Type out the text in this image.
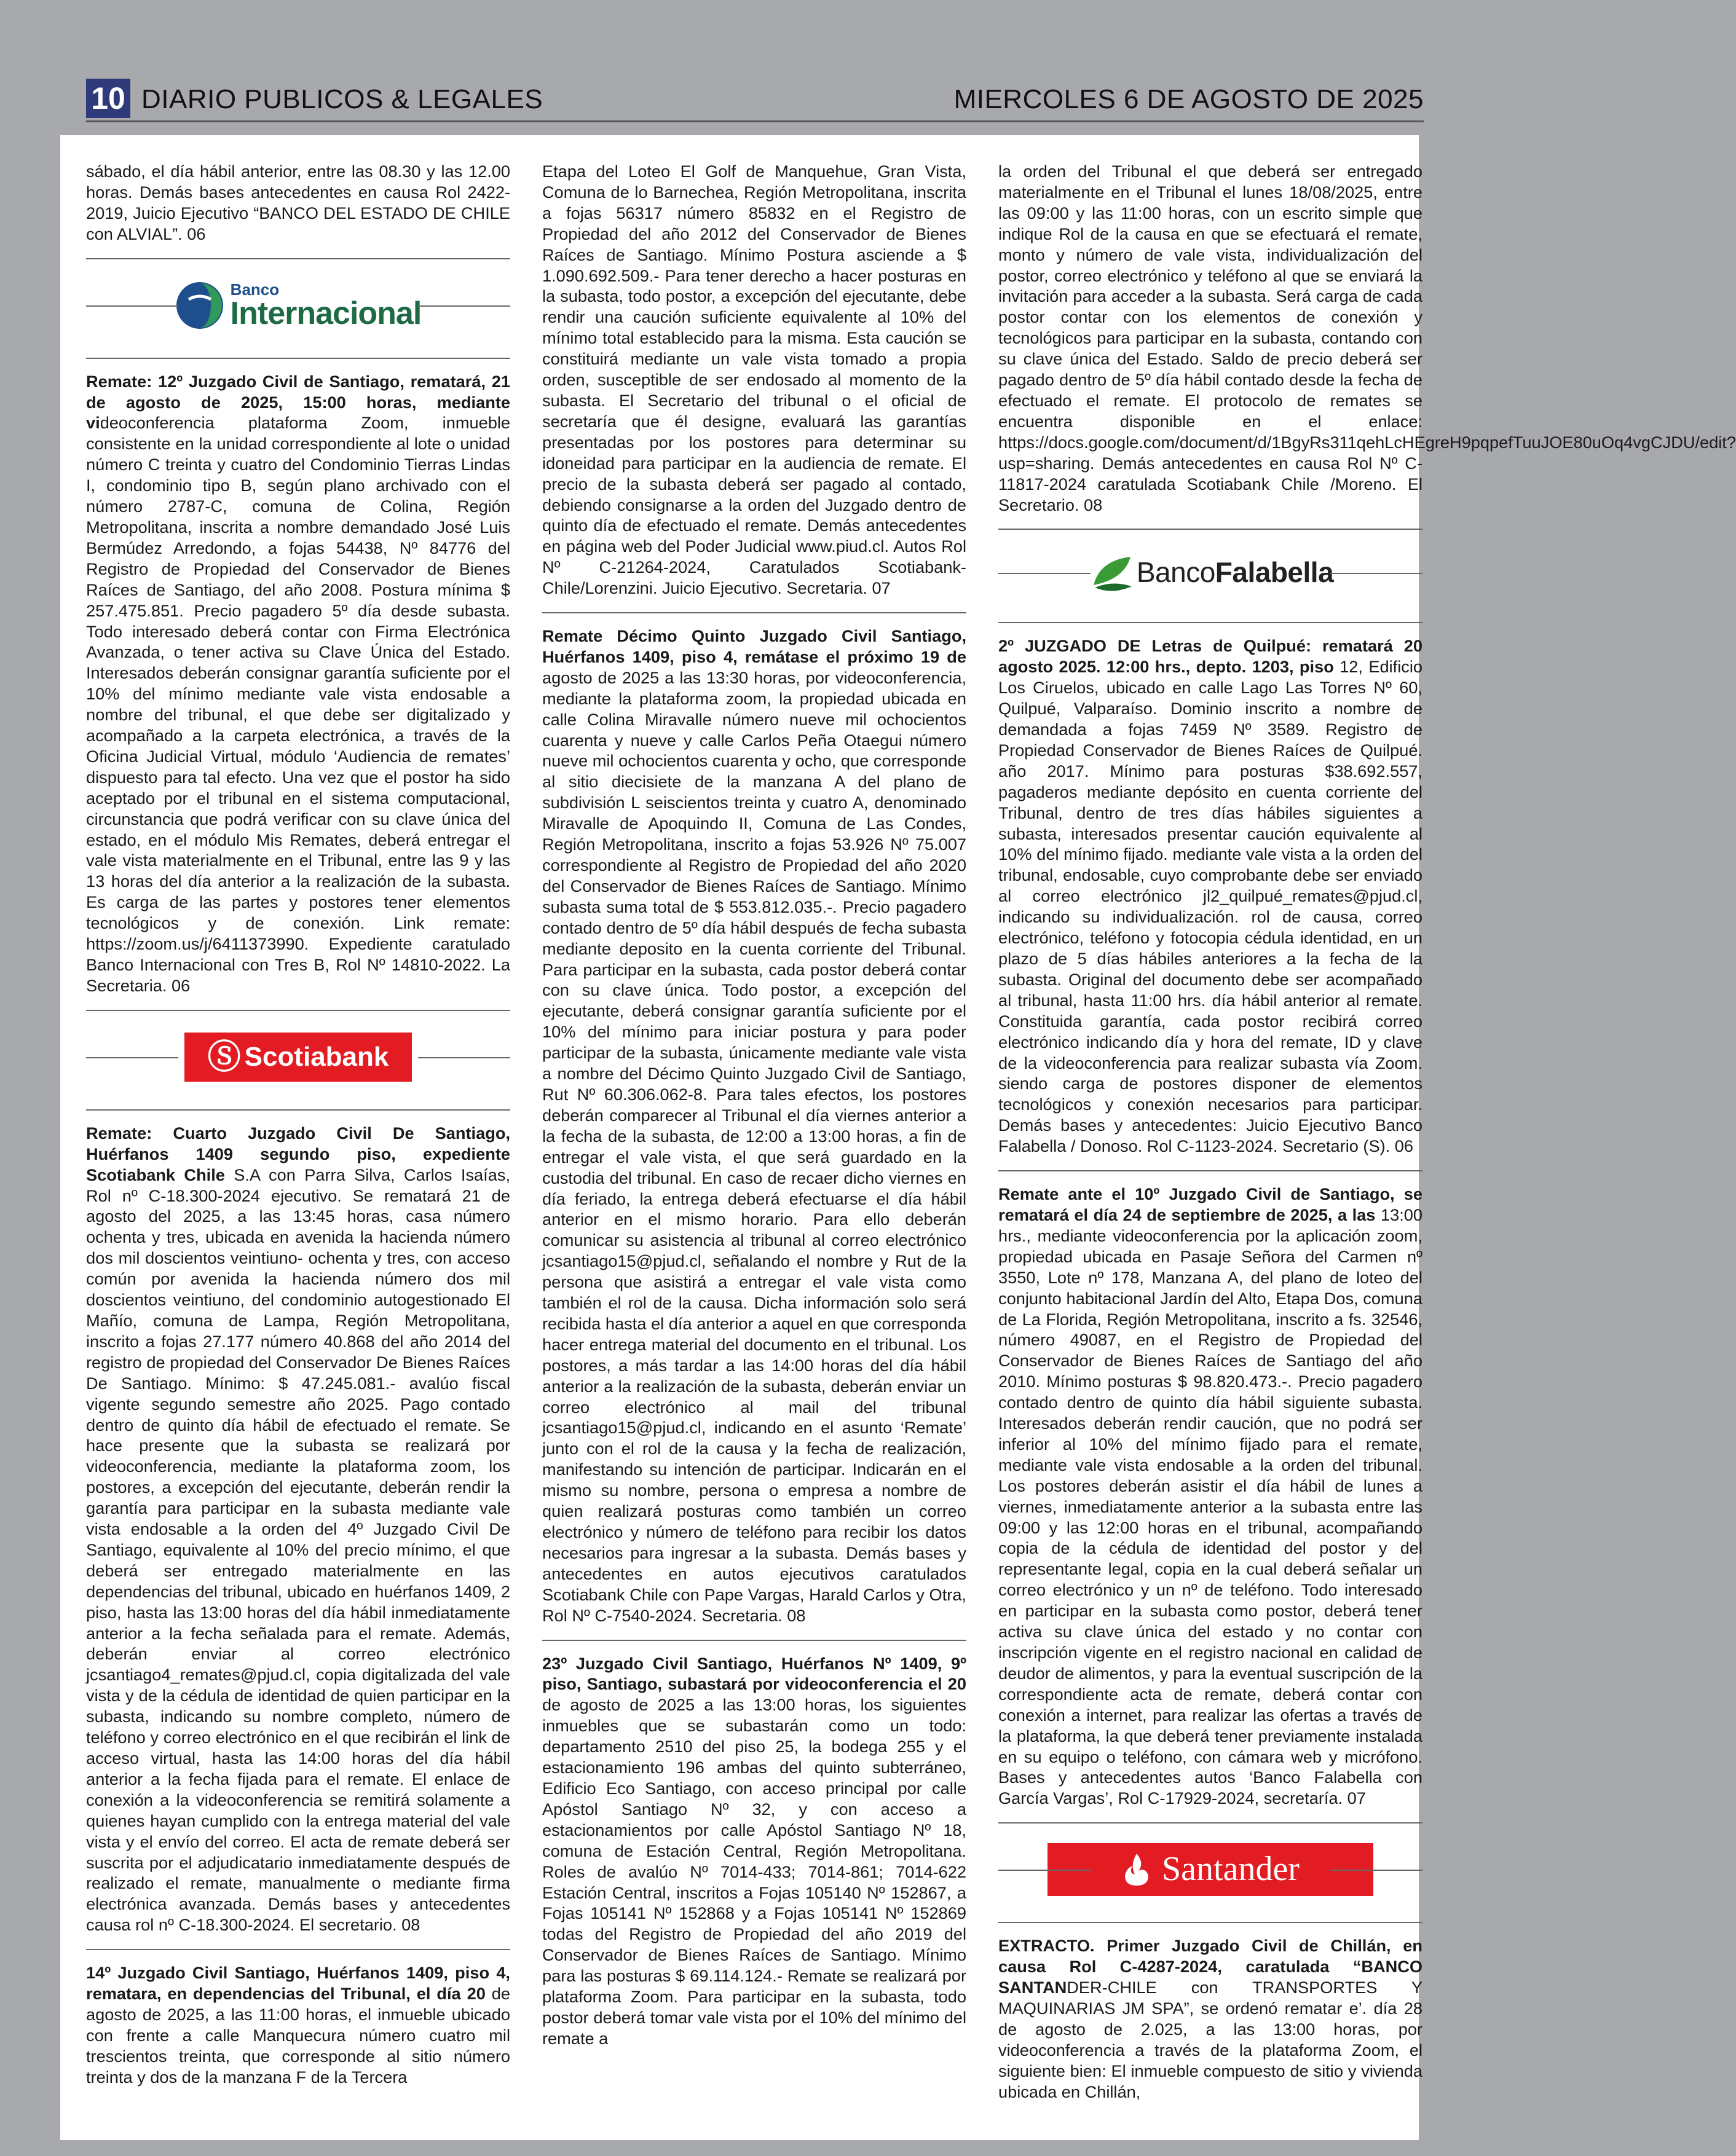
10 DIARIO PUBLICOS & LEGALES	MIERCOLES 6 DE AGOSTO DE 2025

sábado, el día hábil anterior, entre las 08.30 y las 12.00 horas. Demás bases antecedentes en causa Rol 2422-2019, Juicio Ejecutivo “BANCO DEL ESTADO DE CHILE con ALVIAL”. 06

Banco
Internacional

Remate: 12º Juzgado Civil de Santiago, rematará, 21 de agosto de 2025, 15:00 horas, mediante videoconferencia plataforma Zoom, inmueble consistente en la unidad correspondiente al lote o unidad número C treinta y cuatro del Condominio Tierras Lindas I, condominio tipo B, según plano archivado con el número 2787-C, comuna de Colina, Región Metropolitana, inscrita a nombre demandado José Luis Bermúdez Arredondo, a fojas 54438, Nº 84776 del Registro de Propiedad del Conservador de Bienes Raíces de Santiago, del año 2008. Postura mínima $ 257.475.851. Precio pagadero 5º día desde subasta. Todo interesado deberá contar con Firma Electrónica Avanzada, o tener activa su Clave Única del Estado. Interesados deberán consignar garantía suficiente por el 10% del mínimo mediante vale vista endosable a nombre del tribunal, el que debe ser digitalizado y acompañado a la carpeta electrónica, a través de la Oficina Judicial Virtual, módulo ‘Audiencia de remates’ dispuesto para tal efecto. Una vez que el postor ha sido aceptado por el tribunal en el sistema computacional, circunstancia que podrá verificar con su clave única del estado, en el módulo Mis Remates, deberá entregar el vale vista materialmente en el Tribunal, entre las 9 y las 13 horas del día anterior a la realización de la subasta. Es carga de las partes y postores tener elementos tecnológicos y de conexión. Link remate: https://zoom.us/j/6411373990. Expediente caratulado Banco Internacional con Tres B, Rol Nº 14810-2022. La Secretaria. 06

Ⓢ Scotiabank

Remate: Cuarto Juzgado Civil De Santiago, Huérfanos 1409 segundo piso, expediente Scotiabank Chile S.A con Parra Silva, Carlos Isaías, Rol nº C-18.300-2024 ejecutivo. Se rematará 21 de agosto del 2025, a las 13:45 horas, casa número ochenta y tres, ubicada en avenida la hacienda número dos mil doscientos veintiuno- ochenta y tres, con acceso común por avenida la hacienda número dos mil doscientos veintiuno, del condominio autogestionado El Mañío, comuna de Lampa, Región Metropolitana, inscrito a fojas 27.177 número 40.868 del año 2014 del registro de propiedad del Conservador De Bienes Raíces De Santiago. Mínimo: $ 47.245.081.- avalúo fiscal vigente segundo semestre año 2025. Pago contado dentro de quinto día hábil de efectuado el remate. Se hace presente que la subasta se realizará por videoconferencia, mediante la plataforma zoom, los postores, a excepción del ejecutante, deberán rendir la garantía para participar en la subasta mediante vale vista endosable a la orden del 4º Juzgado Civil De Santiago, equivalente al 10% del precio mínimo, el que deberá ser entregado materialmente en las dependencias del tribunal, ubicado en huérfanos 1409, 2 piso, hasta las 13:00 horas del día hábil inmediatamente anterior a la fecha señalada para el remate. Además, deberán enviar al correo electrónico jcsantiago4_remates@pjud.cl, copia digitalizada del vale vista y de la cédula de identidad de quien participar en la subasta, indicando su nombre completo, número de teléfono y correo electrónico en el que recibirán el link de acceso virtual, hasta las 14:00 horas del día hábil anterior a la fecha fijada para el remate. El enlace de conexión a la videoconferencia se remitirá solamente a quienes hayan cumplido con la entrega material del vale vista y el envío del correo. El acta de remate deberá ser suscrita por el adjudicatario inmediatamente después de realizado el remate, manualmente o mediante firma electrónica avanzada. Demás bases y antecedentes causa rol nº C-18.300-2024. El secretario. 08

14º Juzgado Civil Santiago, Huérfanos 1409, piso 4, rematara, en dependencias del Tribunal, el día 20 de agosto de 2025, a las 11:00 horas, el inmueble ubicado con frente a calle Manquecura número cuatro mil trescientos treinta, que corresponde al sitio número treinta y dos de la manzana F de la Tercera

Etapa del Loteo El Golf de Manquehue, Gran Vista, Comuna de lo Barnechea, Región Metropolitana, inscrita a fojas 56317 número 85832 en el Registro de Propiedad del año 2012 del Conservador de Bienes Raíces de Santiago. Mínimo Postura asciende a $ 1.090.692.509.- Para tener derecho a hacer posturas en la subasta, todo postor, a excepción del ejecutante, debe rendir una caución suficiente equivalente al 10% del mínimo total establecido para la misma. Esta caución se constituirá mediante un vale vista tomado a propia orden, susceptible de ser endosado al momento de la subasta. El Secretario del tribunal o el oficial de secretaría que él designe, evaluará las garantías presentadas por los postores para determinar su idoneidad para participar en la audiencia de remate. El precio de la subasta deberá ser pagado al contado, debiendo consignarse a la orden del Juzgado dentro de quinto día de efectuado el remate. Demás antecedentes en página web del Poder Judicial www.piud.cl. Autos Rol Nº C-21264-2024, Caratulados Scotiabank-Chile/Lorenzini. Juicio Ejecutivo. Secretaria. 07

Remate Décimo Quinto Juzgado Civil Santiago, Huérfanos 1409, piso 4, remátase el próximo 19 de agosto de 2025 a las 13:30 horas, por videoconferencia, mediante la plataforma zoom, la propiedad ubicada en calle Colina Miravalle número nueve mil ochocientos cuarenta y nueve y calle Carlos Peña Otaegui número nueve mil ochocientos cuarenta y ocho, que corresponde al sitio diecisiete de la manzana A del plano de subdivisión L seiscientos treinta y cuatro A, denominado Miravalle de Apoquindo II, Comuna de Las Condes, Región Metropolitana, inscrito a fojas 53.926 Nº 75.007 correspondiente al Registro de Propiedad del año 2020 del Conservador de Bienes Raíces de Santiago. Mínimo subasta suma total de $ 553.812.035.-. Precio pagadero contado dentro de 5º día hábil después de fecha subasta mediante deposito en la cuenta corriente del Tribunal. Para participar en la subasta, cada postor deberá contar con su clave única. Todo postor, a excepción del ejecutante, deberá consignar garantía suficiente por el 10% del mínimo para iniciar postura y para poder participar de la subasta, únicamente mediante vale vista a nombre del Décimo Quinto Juzgado Civil de Santiago, Rut Nº 60.306.062-8. Para tales efectos, los postores deberán comparecer al Tribunal el día viernes anterior a la fecha de la subasta, de 12:00 a 13:00 horas, a fin de entregar el vale vista, el que será guardado en la custodia del tribunal. En caso de recaer dicho viernes en día feriado, la entrega deberá efectuarse el día hábil anterior en el mismo horario. Para ello deberán comunicar su asistencia al tribunal al correo electrónico jcsantiago15@pjud.cl, señalando el nombre y Rut de la persona que asistirá a entregar el vale vista como también el rol de la causa. Dicha información solo será recibida hasta el día anterior a aquel en que corresponda hacer entrega material del documento en el tribunal. Los postores, a más tardar a las 14:00 horas del día hábil anterior a la realización de la subasta, deberán enviar un correo electrónico al mail del tribunal jcsantiago15@pjud.cl, indicando en el asunto ‘Remate’ junto con el rol de la causa y la fecha de realización, manifestando su intención de participar. Indicarán en el mismo su nombre, persona o empresa a nombre de quien realizará posturas como también un correo electrónico y número de teléfono para recibir los datos necesarios para ingresar a la subasta. Demás bases y antecedentes en autos ejecutivos caratulados Scotiabank Chile con Pape Vargas, Harald Carlos y Otra, Rol Nº C-7540-2024. Secretaria. 08

23º Juzgado Civil Santiago, Huérfanos Nº 1409, 9º piso, Santiago, subastará por videoconferencia el 20 de agosto de 2025 a las 13:00 horas, los siguientes inmuebles que se subastarán como un todo: departamento 2510 del piso 25, la bodega 255 y el estacionamiento 196 ambas del quinto subterráneo, Edificio Eco Santiago, con acceso principal por calle Apóstol Santiago Nº 32, y con acceso a estacionamientos por calle Apóstol Santiago Nº 18, comuna de Estación Central, Región Metropolitana. Roles de avalúo Nº 7014-433; 7014-861; 7014-622 Estación Central, inscritos a Fojas 105140 Nº 152867, a Fojas 105141 Nº 152868 y a Fojas 105141 Nº 152869 todas del Registro de Propiedad del año 2019 del Conservador de Bienes Raíces de Santiago. Mínimo para las posturas $ 69.114.124.- Remate se realizará por plataforma Zoom. Para participar en la subasta, todo postor deberá tomar vale vista por el 10% del mínimo del remate a

la orden del Tribunal el que deberá ser entregado materialmente en el Tribunal el lunes 18/08/2025, entre las 09:00 y las 11:00 horas, con un escrito simple que indique Rol de la causa en que se efectuará el remate, monto y número de vale vista, individualización del postor, correo electrónico y teléfono al que se enviará la invitación para acceder a la subasta. Será carga de cada postor contar con los elementos de conexión y tecnológicos para participar en la subasta, contando con su clave única del Estado. Saldo de precio deberá ser pagado dentro de 5º día hábil contado desde la fecha de efectuado el remate. El protocolo de remates se encuentra disponible en el enlace: https://docs.google.com/document/d/1BgyRs311qehLcHEgreH9pqpefTuuJOE80uOq4vgCJDU/edit?usp=sharing. Demás antecedentes en causa Rol Nº C-11817-2024 caratulada Scotiabank Chile /Moreno. El Secretario. 08

BancoFalabella

2º JUZGADO DE Letras de Quilpué: rematará 20 agosto 2025. 12:00 hrs., depto. 1203, piso 12, Edificio Los Ciruelos, ubicado en calle Lago Las Torres Nº 60, Quilpué, Valparaíso. Dominio inscrito a nombre de demandada a fojas 7459 Nº 3589. Registro de Propiedad Conservador de Bienes Raíces de Quilpué. año 2017. Mínimo para posturas $38.692.557, pagaderos mediante depósito en cuenta corriente del Tribunal, dentro de tres días hábiles siguientes a subasta, interesados presentar caución equivalente al 10% del mínimo fijado. mediante vale vista a la orden del tribunal, endosable, cuyo comprobante debe ser enviado al correo electrónico jl2_quilpué_remates@pjud.cl, indicando su individualización. rol de causa, correo electrónico, teléfono y fotocopia cédula identidad, en un plazo de 5 días hábiles anteriores a la fecha de la subasta. Original del documento debe ser acompañado al tribunal, hasta 11:00 hrs. día hábil anterior al remate. Constituida garantía, cada postor recibirá correo electrónico indicando día y hora del remate, ID y clave de la videoconferencia para realizar subasta vía Zoom. siendo carga de postores disponer de elementos tecnológicos y conexión necesarios para participar. Demás bases y antecedentes: Juicio Ejecutivo Banco Falabella / Donoso. Rol C-1123-2024. Secretario (S). 06

Remate ante el 10º Juzgado Civil de Santiago, se rematará el día 24 de septiembre de 2025, a las 13:00 hrs., mediante videoconferencia por la aplicación zoom, propiedad ubicada en Pasaje Señora del Carmen nº 3550, Lote nº 178, Manzana A, del plano de loteo del conjunto habitacional Jardín del Alto, Etapa Dos, comuna de La Florida, Región Metropolitana, inscrito a fs. 32546, número 49087, en el Registro de Propiedad del Conservador de Bienes Raíces de Santiago del año 2010. Mínimo posturas $ 98.820.473.-. Precio pagadero contado dentro de quinto día hábil siguiente subasta. Interesados deberán rendir caución, que no podrá ser inferior al 10% del mínimo fijado para el remate, mediante vale vista endosable a la orden del tribunal. Los postores deberán asistir el día hábil de lunes a viernes, inmediatamente anterior a la subasta entre las 09:00 y las 12:00 horas en el tribunal, acompañando copia de la cédula de identidad del postor y del representante legal, copia en la cual deberá señalar un correo electrónico y un nº de teléfono. Todo interesado en participar en la subasta como postor, deberá tener activa su clave única del estado y no contar con inscripción vigente en el registro nacional en calidad de deudor de alimentos, y para la eventual suscripción de la correspondiente acta de remate, deberá contar con conexión a internet, para realizar las ofertas a través de la plataforma, la que deberá tener previamente instalada en su equipo o teléfono, con cámara web y micrófono. Bases y antecedentes autos ‘Banco Falabella con García Vargas’, Rol C-17929-2024, secretaría. 07

Santander

EXTRACTO. Primer Juzgado Civil de Chillán, en causa Rol C-4287-2024, caratulada “BANCO SANTANDER-CHILE con TRANSPORTES Y MAQUINARIAS JM SPA”, se ordenó rematar e’. día 28 de agosto de 2.025, a las 13:00 horas, por videoconferencia a través de la plataforma Zoom, el siguiente bien: El inmueble compuesto de sitio y vivienda ubicada en Chillán,
